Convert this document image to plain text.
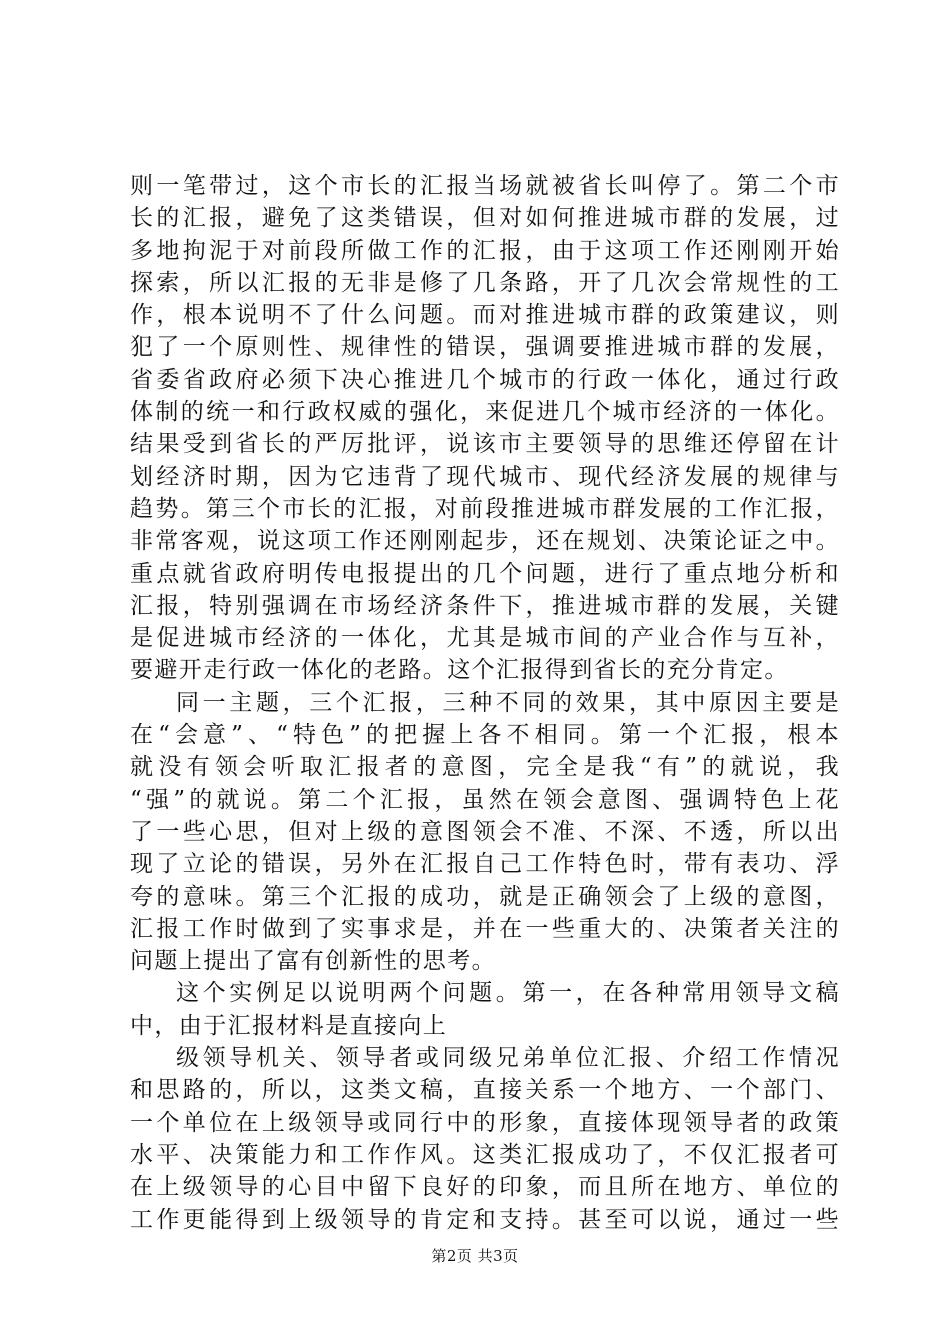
则一笔带过，这个市长的汇报当场就被省长叫停了。第二个市
长的汇报，避免了这类错误，但对如何推进城市群的发展，过
多地拘泥于对前段所做工作的汇报，由于这项工作还刚刚开始
探索，所以汇报的无非是修了几条路，开了几次会常规性的工
作，根本说明不了什么问题。而对推进城市群的政策建议，则
犯了一个原则性、规律性的错误，强调要推进城市群的发展，
省委省政府必须下决心推进几个城市的行政一体化，通过行政
体制的统一和行政权威的强化，来促进几个城市经济的一体化。
结果受到省长的严厉批评，说该市主要领导的思维还停留在计
划经济时期，因为它违背了现代城市、现代经济发展的规律与
趋势。第三个市长的汇报，对前段推进城市群发展的工作汇报，
非常客观，说这项工作还刚刚起步，还在规划、决策论证之中。
重点就省政府明传电报提出的几个问题，进行了重点地分析和
汇报，特别强调在市场经济条件下，推进城市群的发展，关键
是促进城市经济的一体化，尤其是城市间的产业合作与互补，
要避开走行政一体化的老路。这个汇报得到省长的充分肯定。
同一主题，三个汇报，三种不同的效果，其中原因主要是
在“会意”、“特色”的把握上各不相同。第一个汇报，根本
就没有领会听取汇报者的意图，完全是我“有”的就说，我
“强”的就说。第二个汇报，虽然在领会意图、强调特色上花
了一些心思，但对上级的意图领会不准、不深、不透，所以出
现了立论的错误，另外在汇报自己工作特色时，带有表功、浮
夸的意味。第三个汇报的成功，就是正确领会了上级的意图，
汇报工作时做到了实事求是，并在一些重大的、决策者关注的
问题上提出了富有创新性的思考。
这个实例足以说明两个问题。第一，在各种常用领导文稿
中，由于汇报材料是直接向上
级领导机关、领导者或同级兄弟单位汇报、介绍工作情况
和思路的，所以，这类文稿，直接关系一个地方、一个部门、
一个单位在上级领导或同行中的形象，直接体现领导者的政策
水平、决策能力和工作作风。这类汇报成功了，不仅汇报者可
在上级领导的心目中留下良好的印象，而且所在地方、单位的
工作更能得到上级领导的肯定和支持。甚至可以说，通过一些
第2页 共3页
